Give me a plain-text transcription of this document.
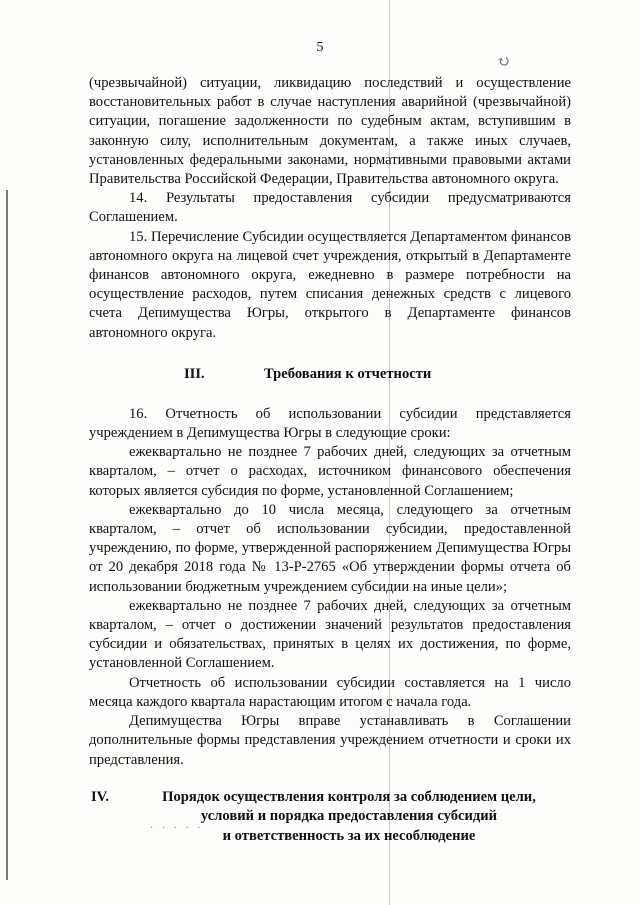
↻
5

(чрезвычайной) ситуации, ликвидацию последствий и осуществление восстановительных работ в случае наступления аварийной (чрезвычайной) ситуации, погашение задолженности по судебным актам, вступившим в законную силу, исполнительным документам, а также иных случаев, установленных федеральными законами, нормативными правовыми актами Правительства Российской Федерации, Правительства автономного округа.

14. Результаты предоставления субсидии предусматриваются Соглашением.

15. Перечисление Субсидии осуществляется Департаментом финансов автономного округа на лицевой счет учреждения, открытый в Департаменте финансов автономного округа, ежедневно в размере потребности на осуществление расходов, путем списания денежных средств с лицевого счета Депимущества Югры, открытого в Департаменте финансов автономного округа.

III.	Требования к отчетности

16. Отчетность об использовании субсидии представляется учреждением в Депимущества Югры в следующие сроки:

ежеквартально не позднее 7 рабочих дней, следующих за отчетным кварталом, – отчет о расходах, источником финансового обеспечения которых является субсидия по форме, установленной Соглашением;

ежеквартально до 10 числа месяца, следующего за отчетным кварталом, – отчет об использовании субсидии, предоставленной учреждению, по форме, утвержденной распоряжением Депимущества Югры от 20 декабря 2018 года № 13-Р-2765 «Об утверждении формы отчета об использовании бюджетным учреждением субсидии на иные цели»;

ежеквартально не позднее 7 рабочих дней, следующих за отчетным кварталом, – отчет о достижении значений результатов предоставления субсидии и обязательствах, принятых в целях их достижения, по форме, установленной Соглашением.

Отчетность об использовании субсидии составляется на 1 число месяца каждого квартала нарастающим итогом с начала года.

Депимущества Югры вправе устанавливать в Соглашении дополнительные формы представления учреждением отчетности и сроки их представления.

IV.	Порядок осуществления контроля за соблюдением цели,
условий и порядка предоставления субсидий
и ответственность за их несоблюдение
· · · · ·
